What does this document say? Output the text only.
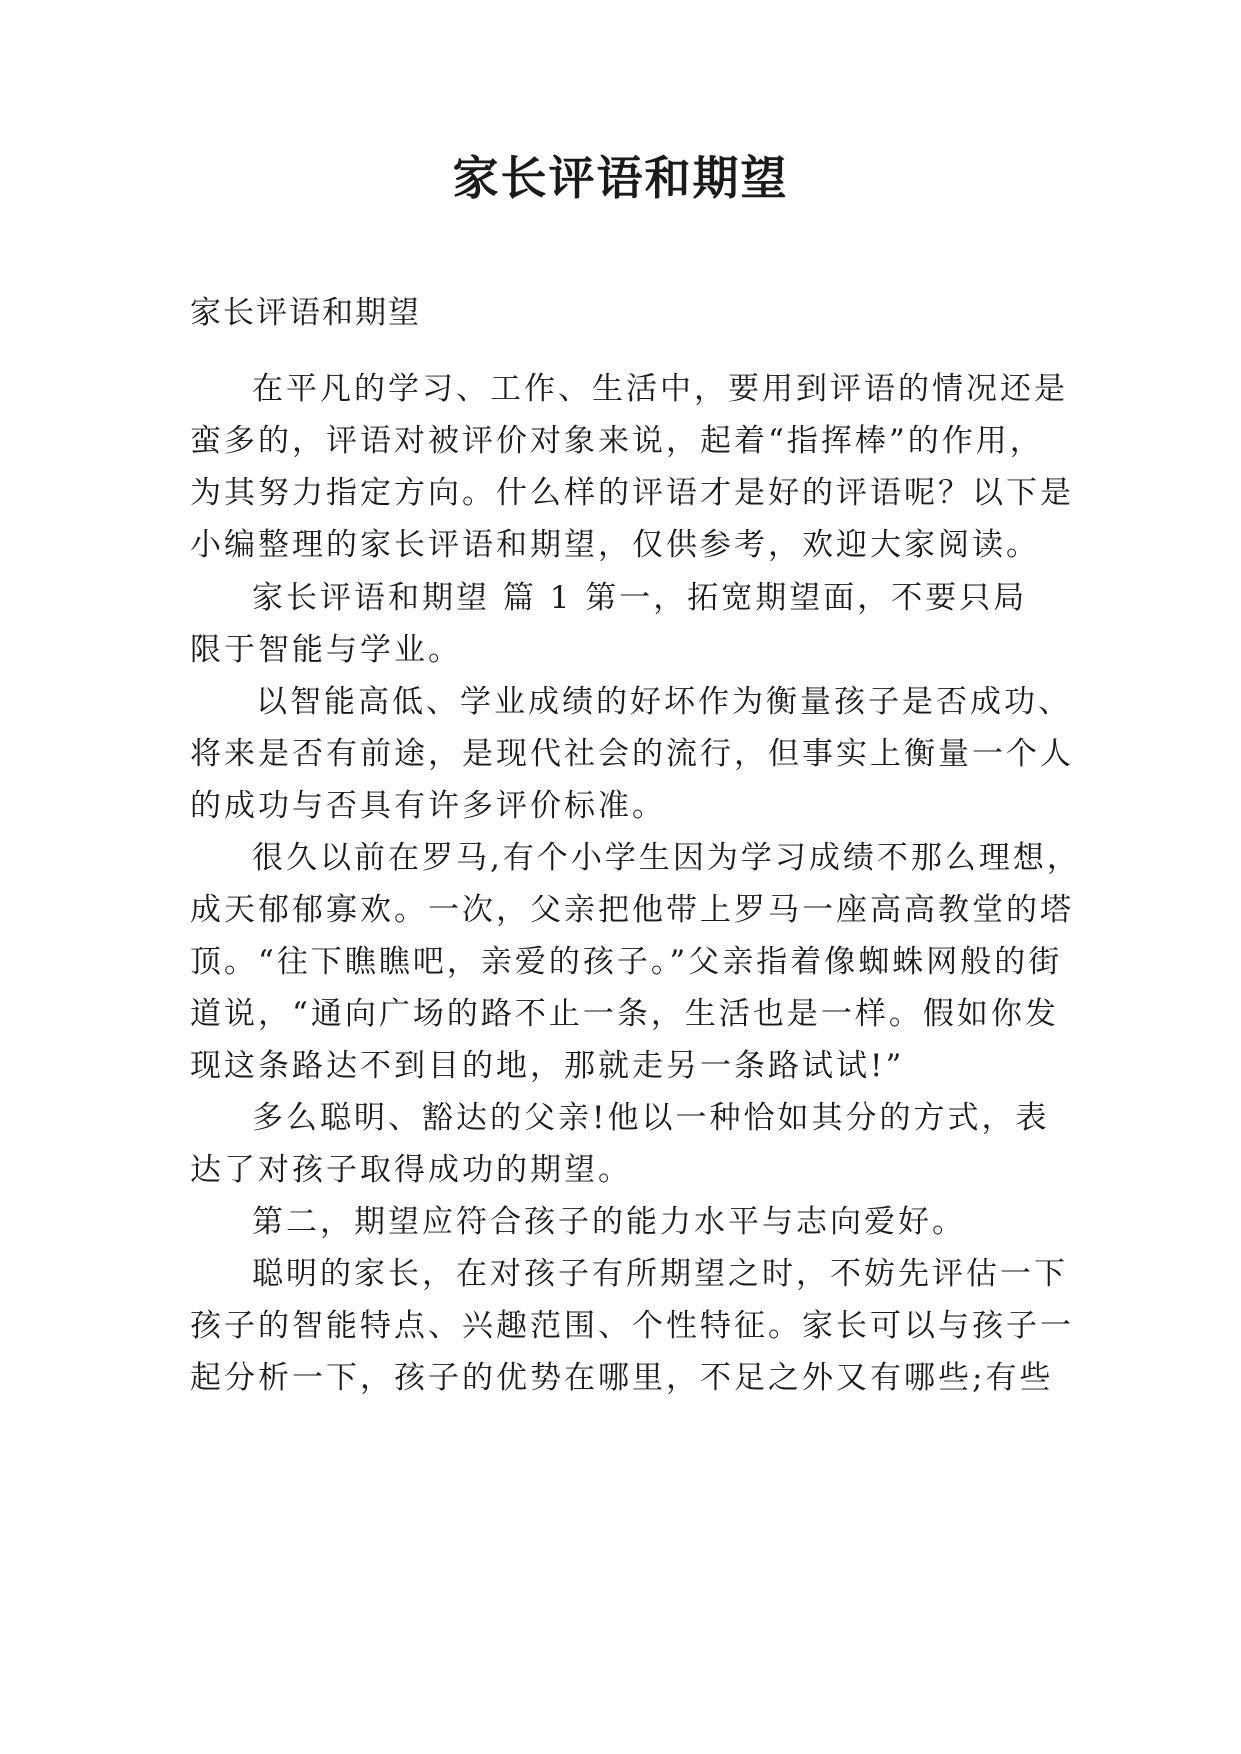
家长评语和期望
家长评语和期望
在平凡的学习、工作、生活中，要用到评语的情况还是
蛮多的，评语对被评价对象来说，起着“指挥棒”的作用，
为其努力指定方向。什么样的评语才是好的评语呢？以下是
小编整理的家长评语和期望，仅供参考，欢迎大家阅读。
家长评语和期望 篇 1 第一，拓宽期望面，不要只局
限于智能与学业。
以智能高低、学业成绩的好坏作为衡量孩子是否成功、
将来是否有前途，是现代社会的流行，但事实上衡量一个人
的成功与否具有许多评价标准。
很久以前在罗马,有个小学生因为学习成绩不那么理想，
成天郁郁寡欢。一次，父亲把他带上罗马一座高高教堂的塔
顶。“往下瞧瞧吧，亲爱的孩子。”父亲指着像蜘蛛网般的街
道说，“通向广场的路不止一条，生活也是一样。假如你发
现这条路达不到目的地，那就走另一条路试试!”
多么聪明、豁达的父亲!他以一种恰如其分的方式，表
达了对孩子取得成功的期望。
第二，期望应符合孩子的能力水平与志向爱好。
聪明的家长，在对孩子有所期望之时，不妨先评估一下
孩子的智能特点、兴趣范围、个性特征。家长可以与孩子一
起分析一下，孩子的优势在哪里，不足之外又有哪些;有些
